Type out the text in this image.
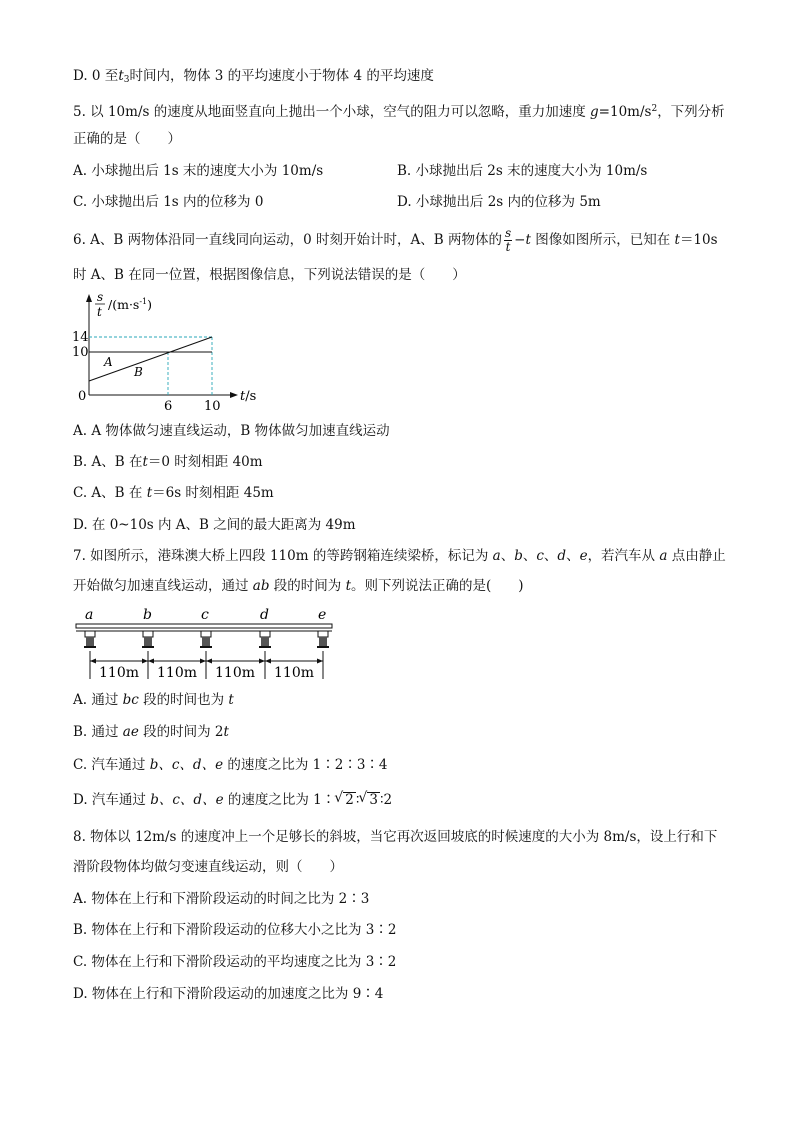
D. 0 至$t_3$时间内，物体 3 的平均速度小于物体 4 的平均速度
5. 以 10m/s 的速度从地面竖直向上抛出一个小球，空气的阻力可以忽略，重力加速度 $g=10m/s^2$，下列分析
正确的是（　　）
A. 小球抛出后 1s 末的速度大小为 10m/s	B. 小球抛出后 2s 末的速度大小为 10m/s
C. 小球抛出后 1s 内的位移为 0	D. 小球抛出后 2s 内的位移为 5m
6. A、B 两物体沿同一直线同向运动，0 时刻开始计时，A、B 两物体的 $\frac{s}{t} -t$ 图像如图所示，已知在 t＝10s
时 A、B 在同一位置，根据图像信息，下列说法错误的是（　　）
14
10
0
6 10
A
B
s
t $/(m\cdot s^{-1})$
t/s
A. A 物体做匀速直线运动，B 物体做匀加速直线运动
B. A、B 在t＝0 时刻相距 40m
C. A、B 在 t＝6s 时刻相距 45m
D. 在 0~10s 内 A、B 之间的最大距离为 49m
7. 如图所示，港珠澳大桥上四段 110m 的等跨钢箱连续梁桥，标记为 a、b、c、d、e，若汽车从 a 点由静止
开始做匀加速直线运动，通过 ab 段的时间为 t。则下列说法正确的是(　　)
a	b	c	d	e
110m 110m 110m 110m
A. 通过 bc 段的时间也为 t
B. 通过 ae 段的时间为 2t
C. 汽车通过 b、c、d、e 的速度之比为 1∶2∶3∶4
D. 汽车通过 b、c、d、e 的速度之比为 1∶ √ 2 ∶ √ 3 ∶2
8. 物体以 12m/s 的速度冲上一个足够长的斜坡，当它再次返回坡底的时候速度的大小为 8m/s，设上行和下
滑阶段物体均做匀变速直线运动，则（　　）
A. 物体在上行和下滑阶段运动的时间之比为 2∶3
B. 物体在上行和下滑阶段运动的位移大小之比为 3∶2
C. 物体在上行和下滑阶段运动的平均速度之比为 3∶2
D. 物体在上行和下滑阶段运动的加速度之比为 9∶4
